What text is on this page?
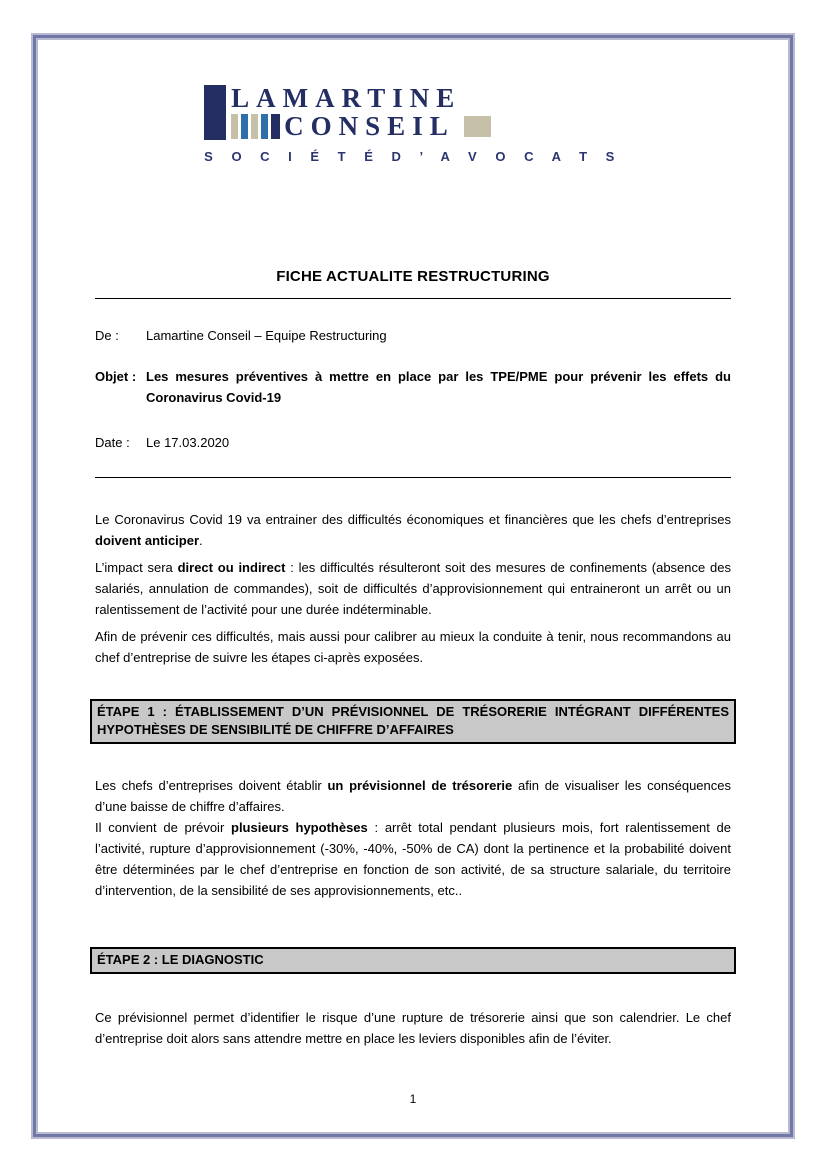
LAMARTINE
CONSEIL
S O C I É T É D ’ A V O C A T S
FICHE ACTUALITE RESTRUCTURING
De :	Lamartine Conseil – Equipe Restructuring
Objet : Les mesures préventives à mettre en place par les TPE/PME pour prévenir les effets du Coronavirus Covid-19
Date :	Le 17.03.2020

Le Coronavirus Covid 19 va entrainer des difficultés économiques et financières que les chefs d’entreprises doivent anticiper.

L’impact sera direct ou indirect : les difficultés résulteront soit des mesures de confinements (absence des salariés, annulation de commandes), soit de difficultés d’approvisionnement qui entraineront un arrêt ou un ralentissement de l’activité pour une durée indéterminable.

Afin de prévenir ces difficultés, mais aussi pour calibrer au mieux la conduite à tenir, nous recommandons au chef d’entreprise de suivre les étapes ci-après exposées.

ÉTAPE 1 : ÉTABLISSEMENT D’UN PRÉVISIONNEL DE TRÉSORERIE INTÉGRANT DIFFÉRENTES HYPOTHÈSES DE SENSIBILITÉ DE CHIFFRE D’AFFAIRES

Les chefs d’entreprises doivent établir un prévisionnel de trésorerie afin de visualiser les conséquences d’une baisse de chiffre d’affaires.

Il convient de prévoir plusieurs hypothèses : arrêt total pendant plusieurs mois, fort ralentissement de l’activité, rupture d’approvisionnement (-30%, -40%, -50% de CA) dont la pertinence et la probabilité doivent être déterminées par le chef d’entreprise en fonction de son activité, de sa structure salariale, du territoire d’intervention, de la sensibilité de ses approvisionnements, etc..

ÉTAPE 2 : LE DIAGNOSTIC

Ce prévisionnel permet d’identifier le risque d’une rupture de trésorerie ainsi que son calendrier. Le chef d’entreprise doit alors sans attendre mettre en place les leviers disponibles afin de l’éviter.

1
